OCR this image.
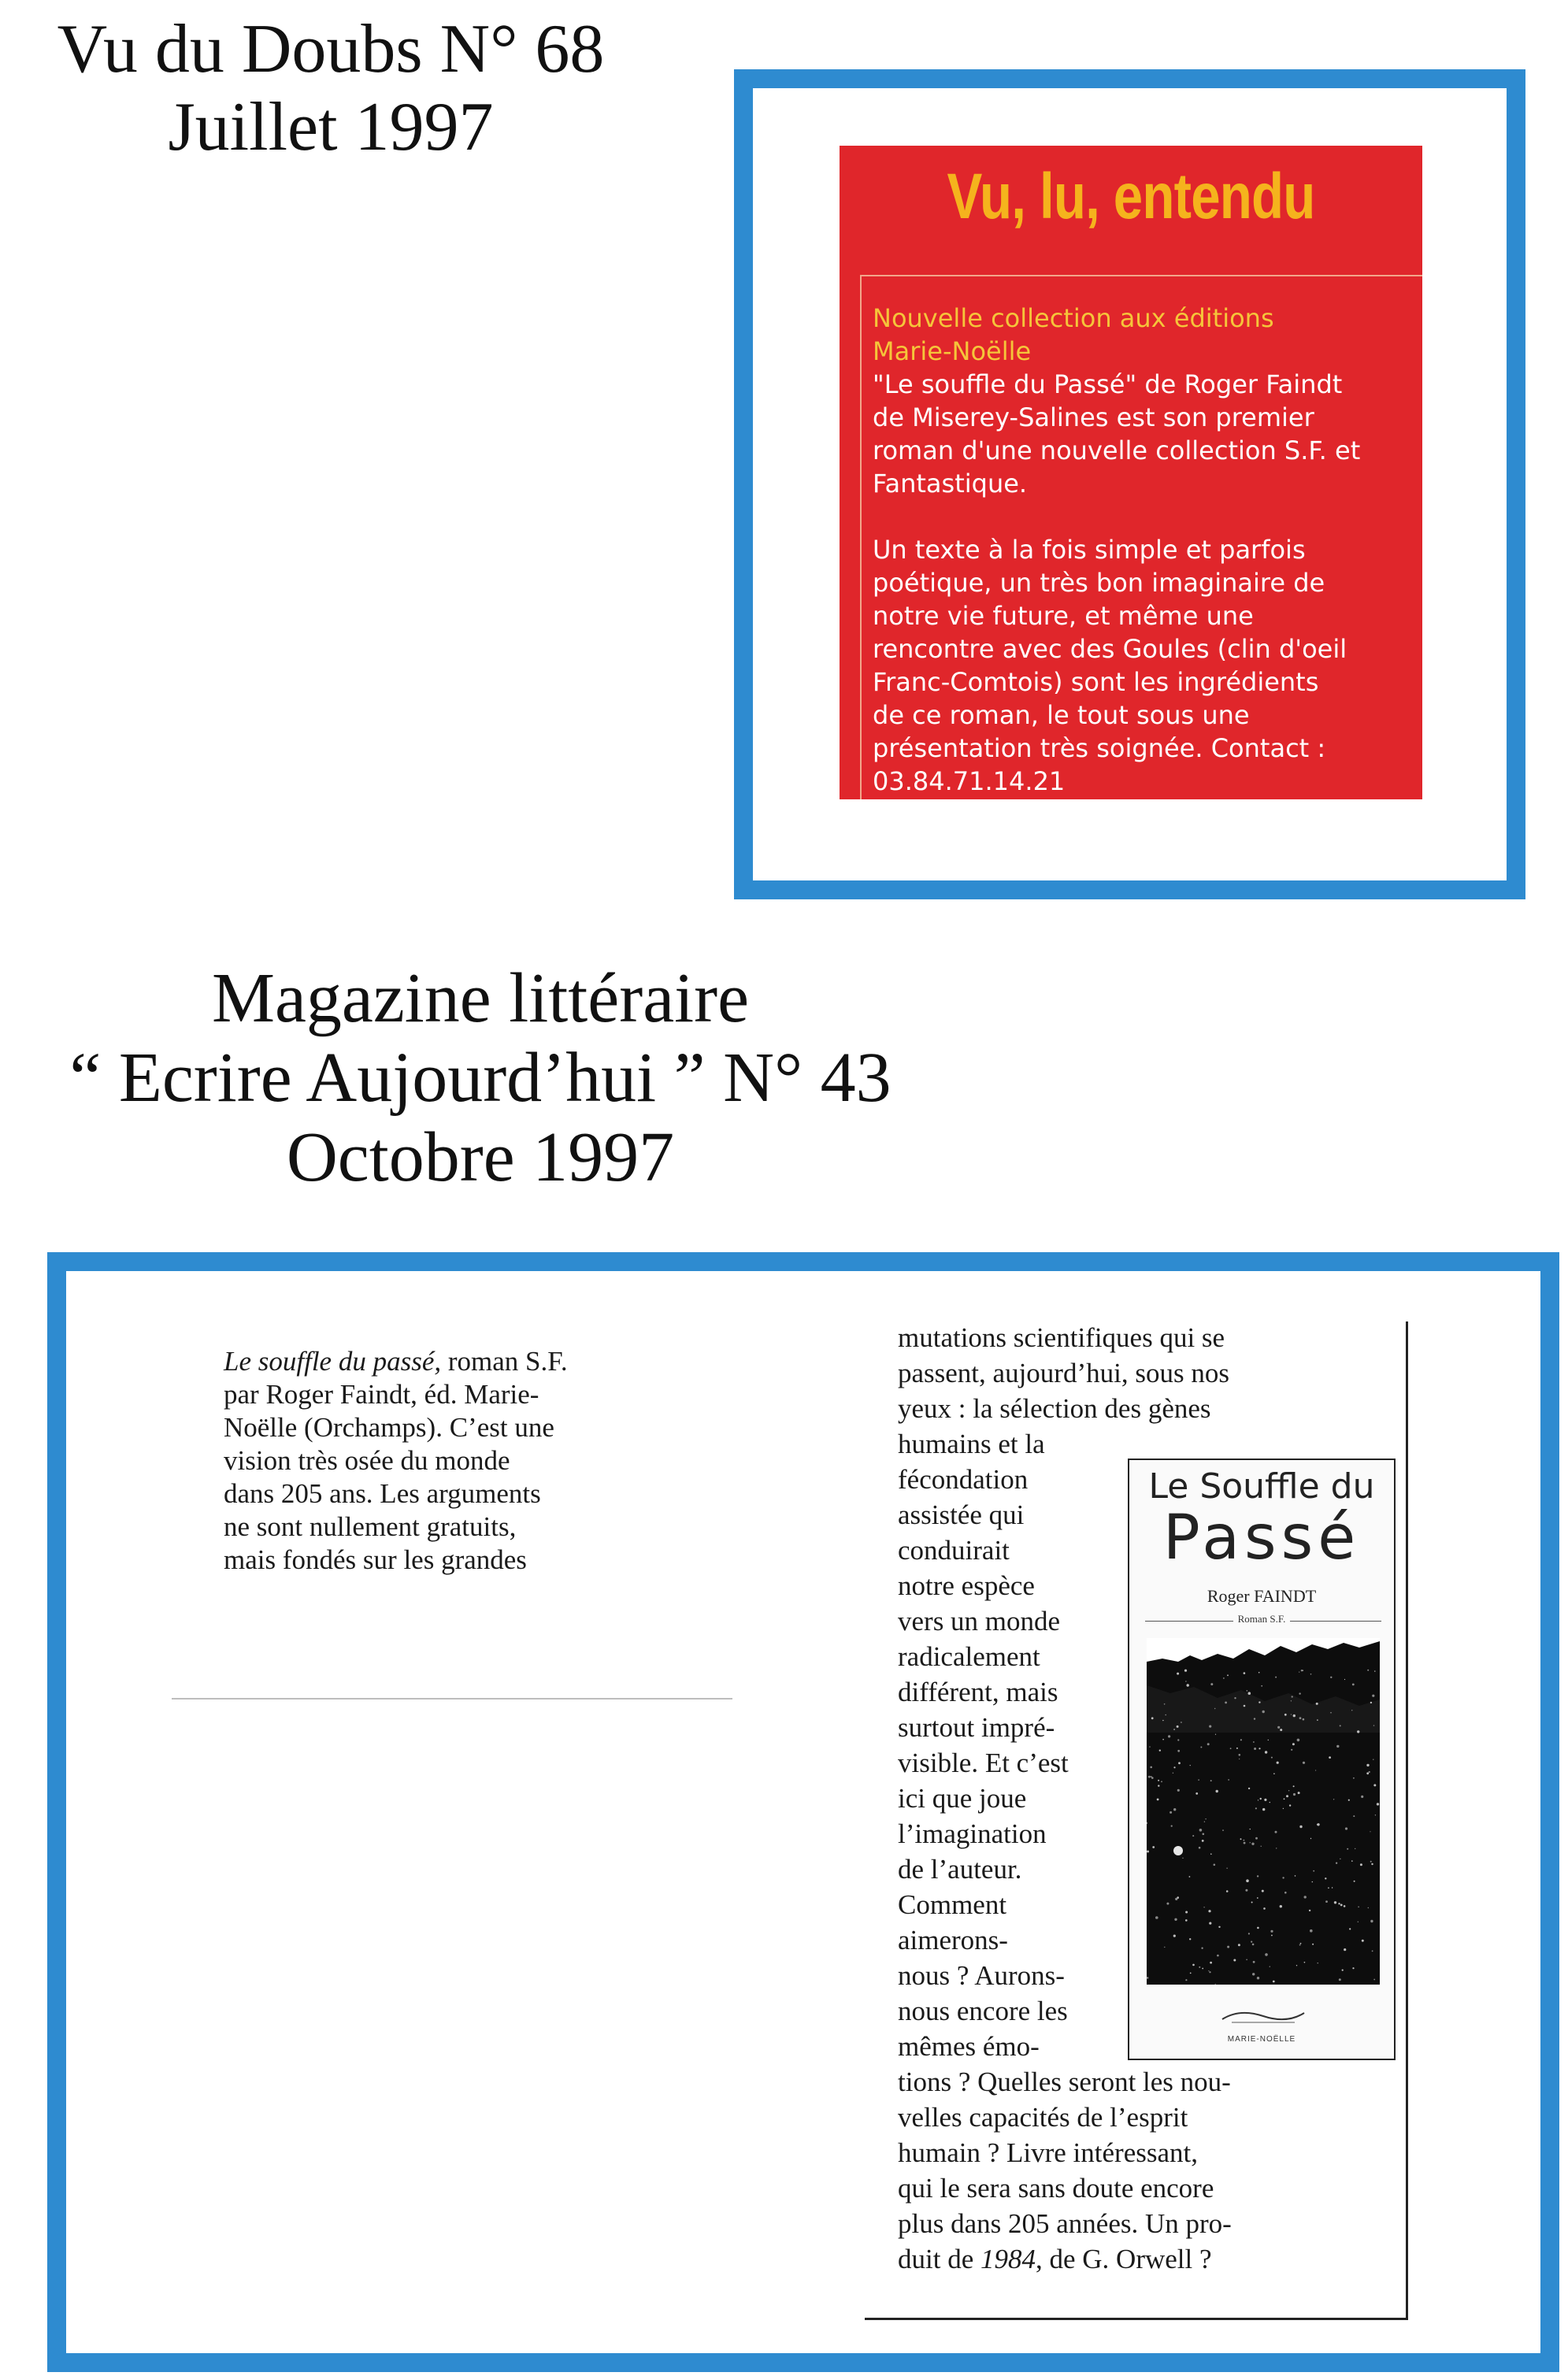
Vu du Doubs N° 68
Juillet 1997
Vu, lu, entendu
Nouvelle collection aux éditions
Marie-Noëlle
"Le souffle du Passé" de Roger Faindt
de Miserey-Salines est son premier
roman d'une nouvelle collection S.F. et
Fantastique.
Un texte à la fois simple et parfois
poétique, un très bon imaginaire de
notre vie future, et même une
rencontre avec des Goules (clin d'oeil
Franc-Comtois) sont les ingrédients
de ce roman, le tout sous une
présentation très soignée. Contact :
03.84.71.14.21
Magazine littéraire
“ Ecrire Aujourd’hui ” N° 43
Octobre 1997
Le souffle du passé, roman S.F.
par Roger Faindt, éd. Marie-
Noëlle (Orchamps). C’est une
vision très osée du monde
dans 205 ans. Les arguments
ne sont nullement gratuits,
mais fondés sur les grandes
mutations scientifiques qui se
passent, aujourd’hui, sous nos
yeux : la sélection des gènes
humains et la
fécondation
assistée qui
conduirait
notre espèce
vers un monde
radicalement
différent, mais
surtout impré-
visible. Et c’est
ici que joue
l’imagination
de l’auteur.
Comment
aimerons-
nous ? Aurons-
nous encore les
mêmes émo-
tions ? Quelles seront les nou-
velles capacités de l’esprit
humain ? Livre intéressant,
qui le sera sans doute encore
plus dans 205 années. Un pro-
duit de 1984, de G. Orwell ?
Le Souffle du
Passé
Roger FAINDT
Roman S.F.
MARIE-NOËLLE
